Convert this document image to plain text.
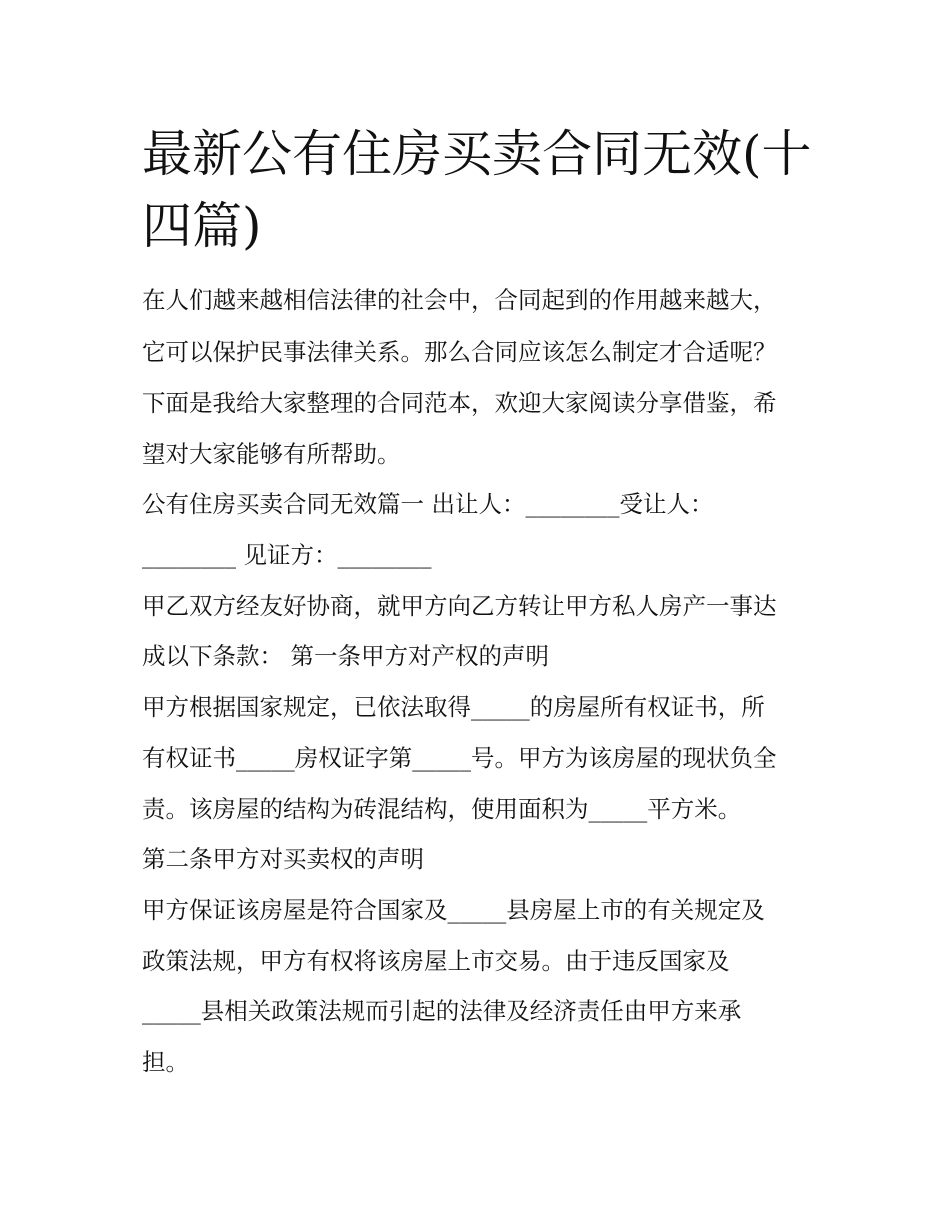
最新公有住房买卖合同无效(十
四篇)

在人们越来越相信法律的社会中，合同起到的作用越来越大，

它可以保护民事法律关系。那么合同应该怎么制定才合适呢？

下面是我给大家整理的合同范本，欢迎大家阅读分享借鉴，希

望对大家能够有所帮助。

公有住房买卖合同无效篇一 出让人：________受让人：

________ 见证方：________

甲乙双方经友好协商，就甲方向乙方转让甲方私人房产一事达

成以下条款： 第一条甲方对产权的声明

甲方根据国家规定，已依法取得_____的房屋所有权证书，所

有权证书_____房权证字第_____号。甲方为该房屋的现状负全

责。该房屋的结构为砖混结构，使用面积为_____平方米。

第二条甲方对买卖权的声明

甲方保证该房屋是符合国家及_____县房屋上市的有关规定及

政策法规，甲方有权将该房屋上市交易。由于违反国家及

_____县相关政策法规而引起的法律及经济责任由甲方来承

担。
